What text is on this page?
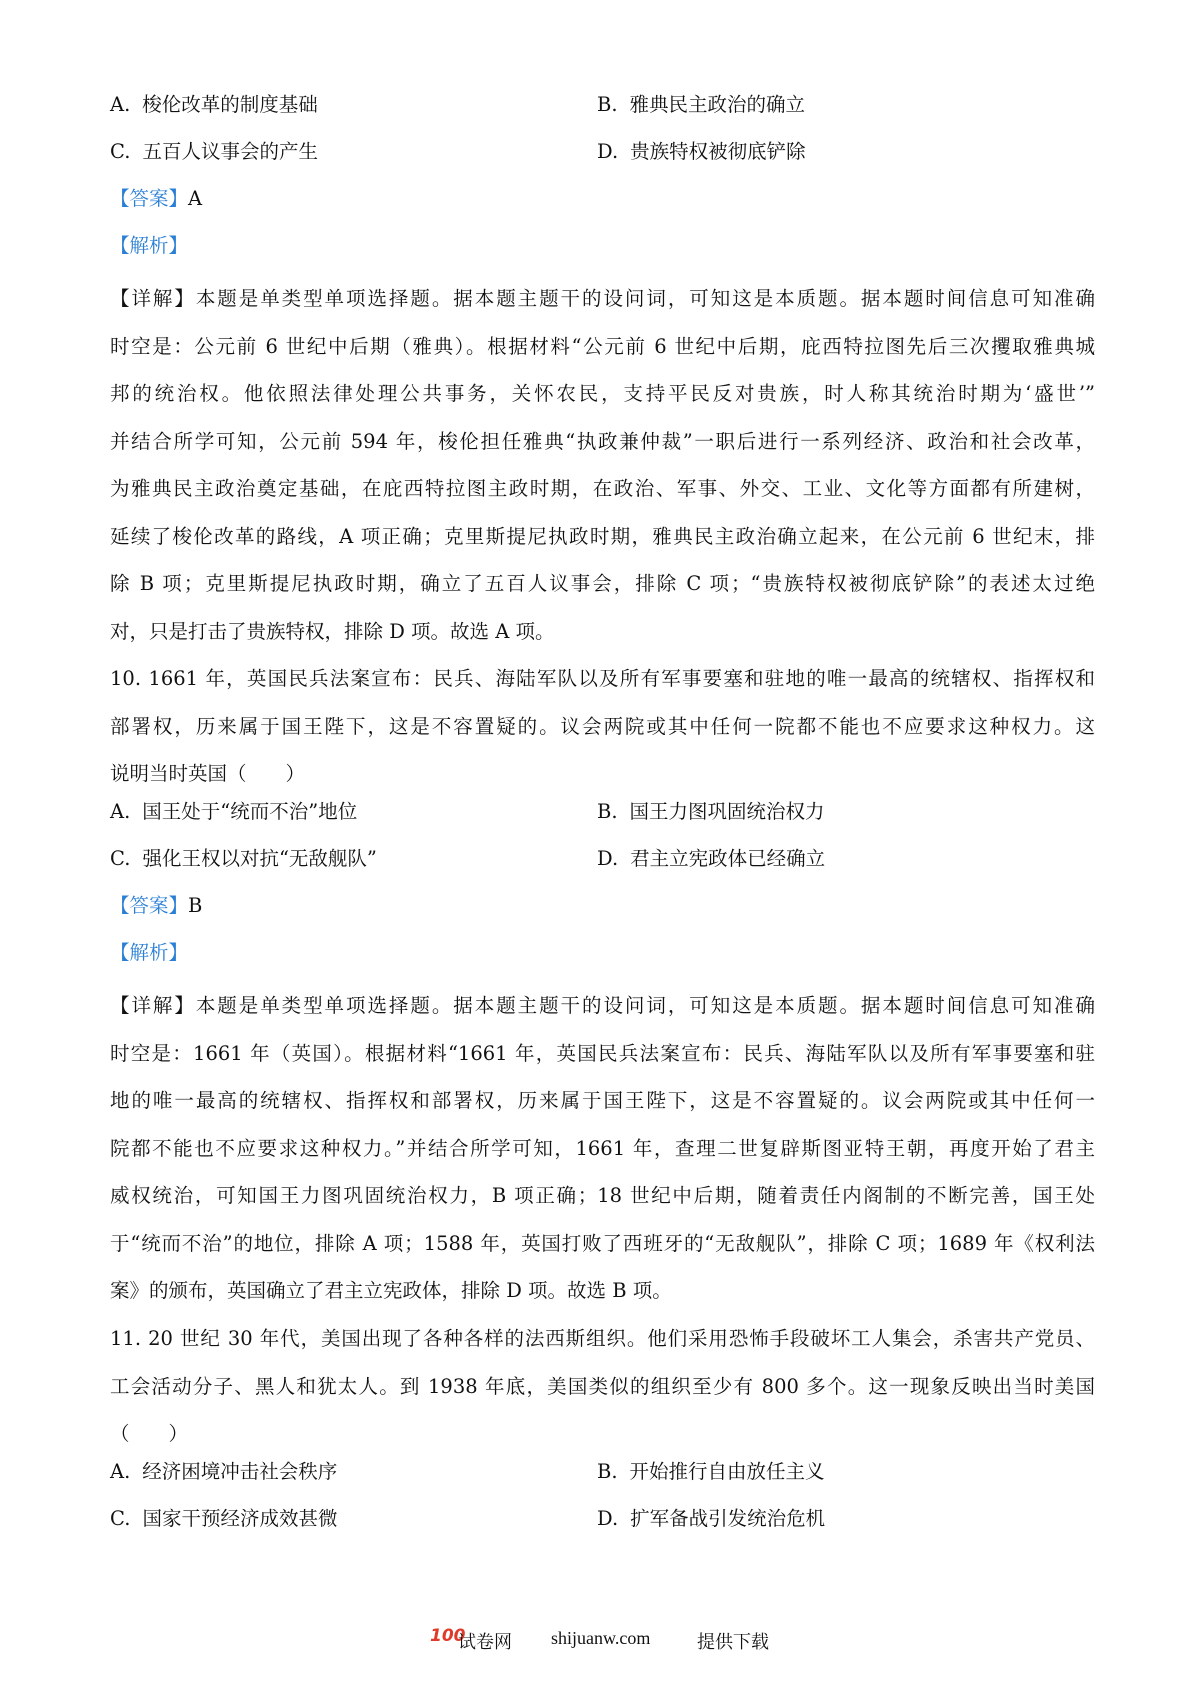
A. 梭伦改革的制度基础	B. 雅典民主政治的确立
C. 五百人议事会的产生	D. 贵族特权被彻底铲除
【答案】A
【解析】
【详解】本题是单类型单项选择题。据本题主题干的设问词，可知这是本质题。据本题时间信息可知准确
时空是：公元前 6 世纪中后期（雅典）。根据材料“公元前 6 世纪中后期，庇西特拉图先后三次攫取雅典城
邦的统治权。他依照法律处理公共事务，关怀农民，支持平民反对贵族，时人称其统治时期为‘盛世’”
并结合所学可知，公元前 594 年，梭伦担任雅典“执政兼仲裁”一职后进行一系列经济、政治和社会改革，
为雅典民主政治奠定基础，在庇西特拉图主政时期，在政治、军事、外交、工业、文化等方面都有所建树，
延续了梭伦改革的路线，A 项正确；克里斯提尼执政时期，雅典民主政治确立起来，在公元前 6 世纪末，排
除 B 项；克里斯提尼执政时期，确立了五百人议事会，排除 C 项；“贵族特权被彻底铲除”的表述太过绝
对，只是打击了贵族特权，排除 D 项。故选 A 项。
10. 1661 年，英国民兵法案宣布：民兵、海陆军队以及所有军事要塞和驻地的唯一最高的统辖权、指挥权和
部署权，历来属于国王陛下，这是不容置疑的。议会两院或其中任何一院都不能也不应要求这种权力。这
说明当时英国（　　）
A. 国王处于“统而不治”地位	B. 国王力图巩固统治权力
C. 强化王权以对抗“无敌舰队”	D. 君主立宪政体已经确立
【答案】B
【解析】
【详解】本题是单类型单项选择题。据本题主题干的设问词，可知这是本质题。据本题时间信息可知准确
时空是：1661 年（英国）。根据材料“1661 年，英国民兵法案宣布：民兵、海陆军队以及所有军事要塞和驻
地的唯一最高的统辖权、指挥权和部署权，历来属于国王陛下，这是不容置疑的。议会两院或其中任何一
院都不能也不应要求这种权力。”并结合所学可知，1661 年，查理二世复辟斯图亚特王朝，再度开始了君主
威权统治，可知国王力图巩固统治权力，B 项正确；18 世纪中后期，随着责任内阁制的不断完善，国王处
于“统而不治”的地位，排除 A 项；1588 年，英国打败了西班牙的“无敌舰队”，排除 C 项；1689 年《权利法
案》的颁布，英国确立了君主立宪政体，排除 D 项。故选 B 项。
11. 20 世纪 30 年代，美国出现了各种各样的法西斯组织。他们采用恐怖手段破坏工人集会，杀害共产党员、
工会活动分子、黑人和犹太人。到 1938 年底，美国类似的组织至少有 800 多个。这一现象反映出当时美国
（　　）
A. 经济困境冲击社会秩序	B. 开始推行自由放任主义
C. 国家干预经济成效甚微	D. 扩军备战引发统治危机
100
试卷网 shijuanw.com	提供下载
